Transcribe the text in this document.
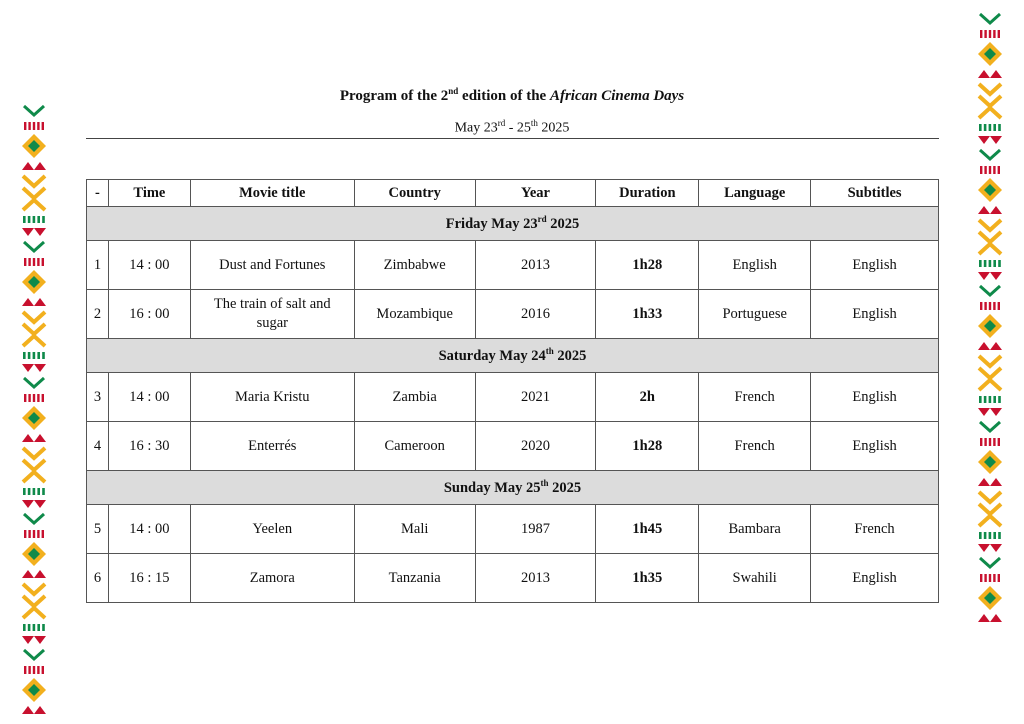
Program of the 2nd edition of the African Cinema Days
May 23rd - 25th 2025
-	Time	Movie title	Country	Year	Duration	Language	Subtitles
Friday May 23rd 2025							
1	14 : 00	Dust and Fortunes	Zimbabwe	2013	1h28	English	English
2	16 : 00	The train of salt and sugar	Mozambique	2016	1h33	Portuguese	English
Saturday May 24th 2025							
3	14 : 00	Maria Kristu	Zambia	2021	2h	French	English
4	16 : 30	Enterrés	Cameroon	2020	1h28	French	English
Sunday May 25th 2025							
5	14 : 00	Yeelen	Mali	1987	1h45	Bambara	French
6	16 : 15	Zamora	Tanzania	2013	1h35	Swahili	English
